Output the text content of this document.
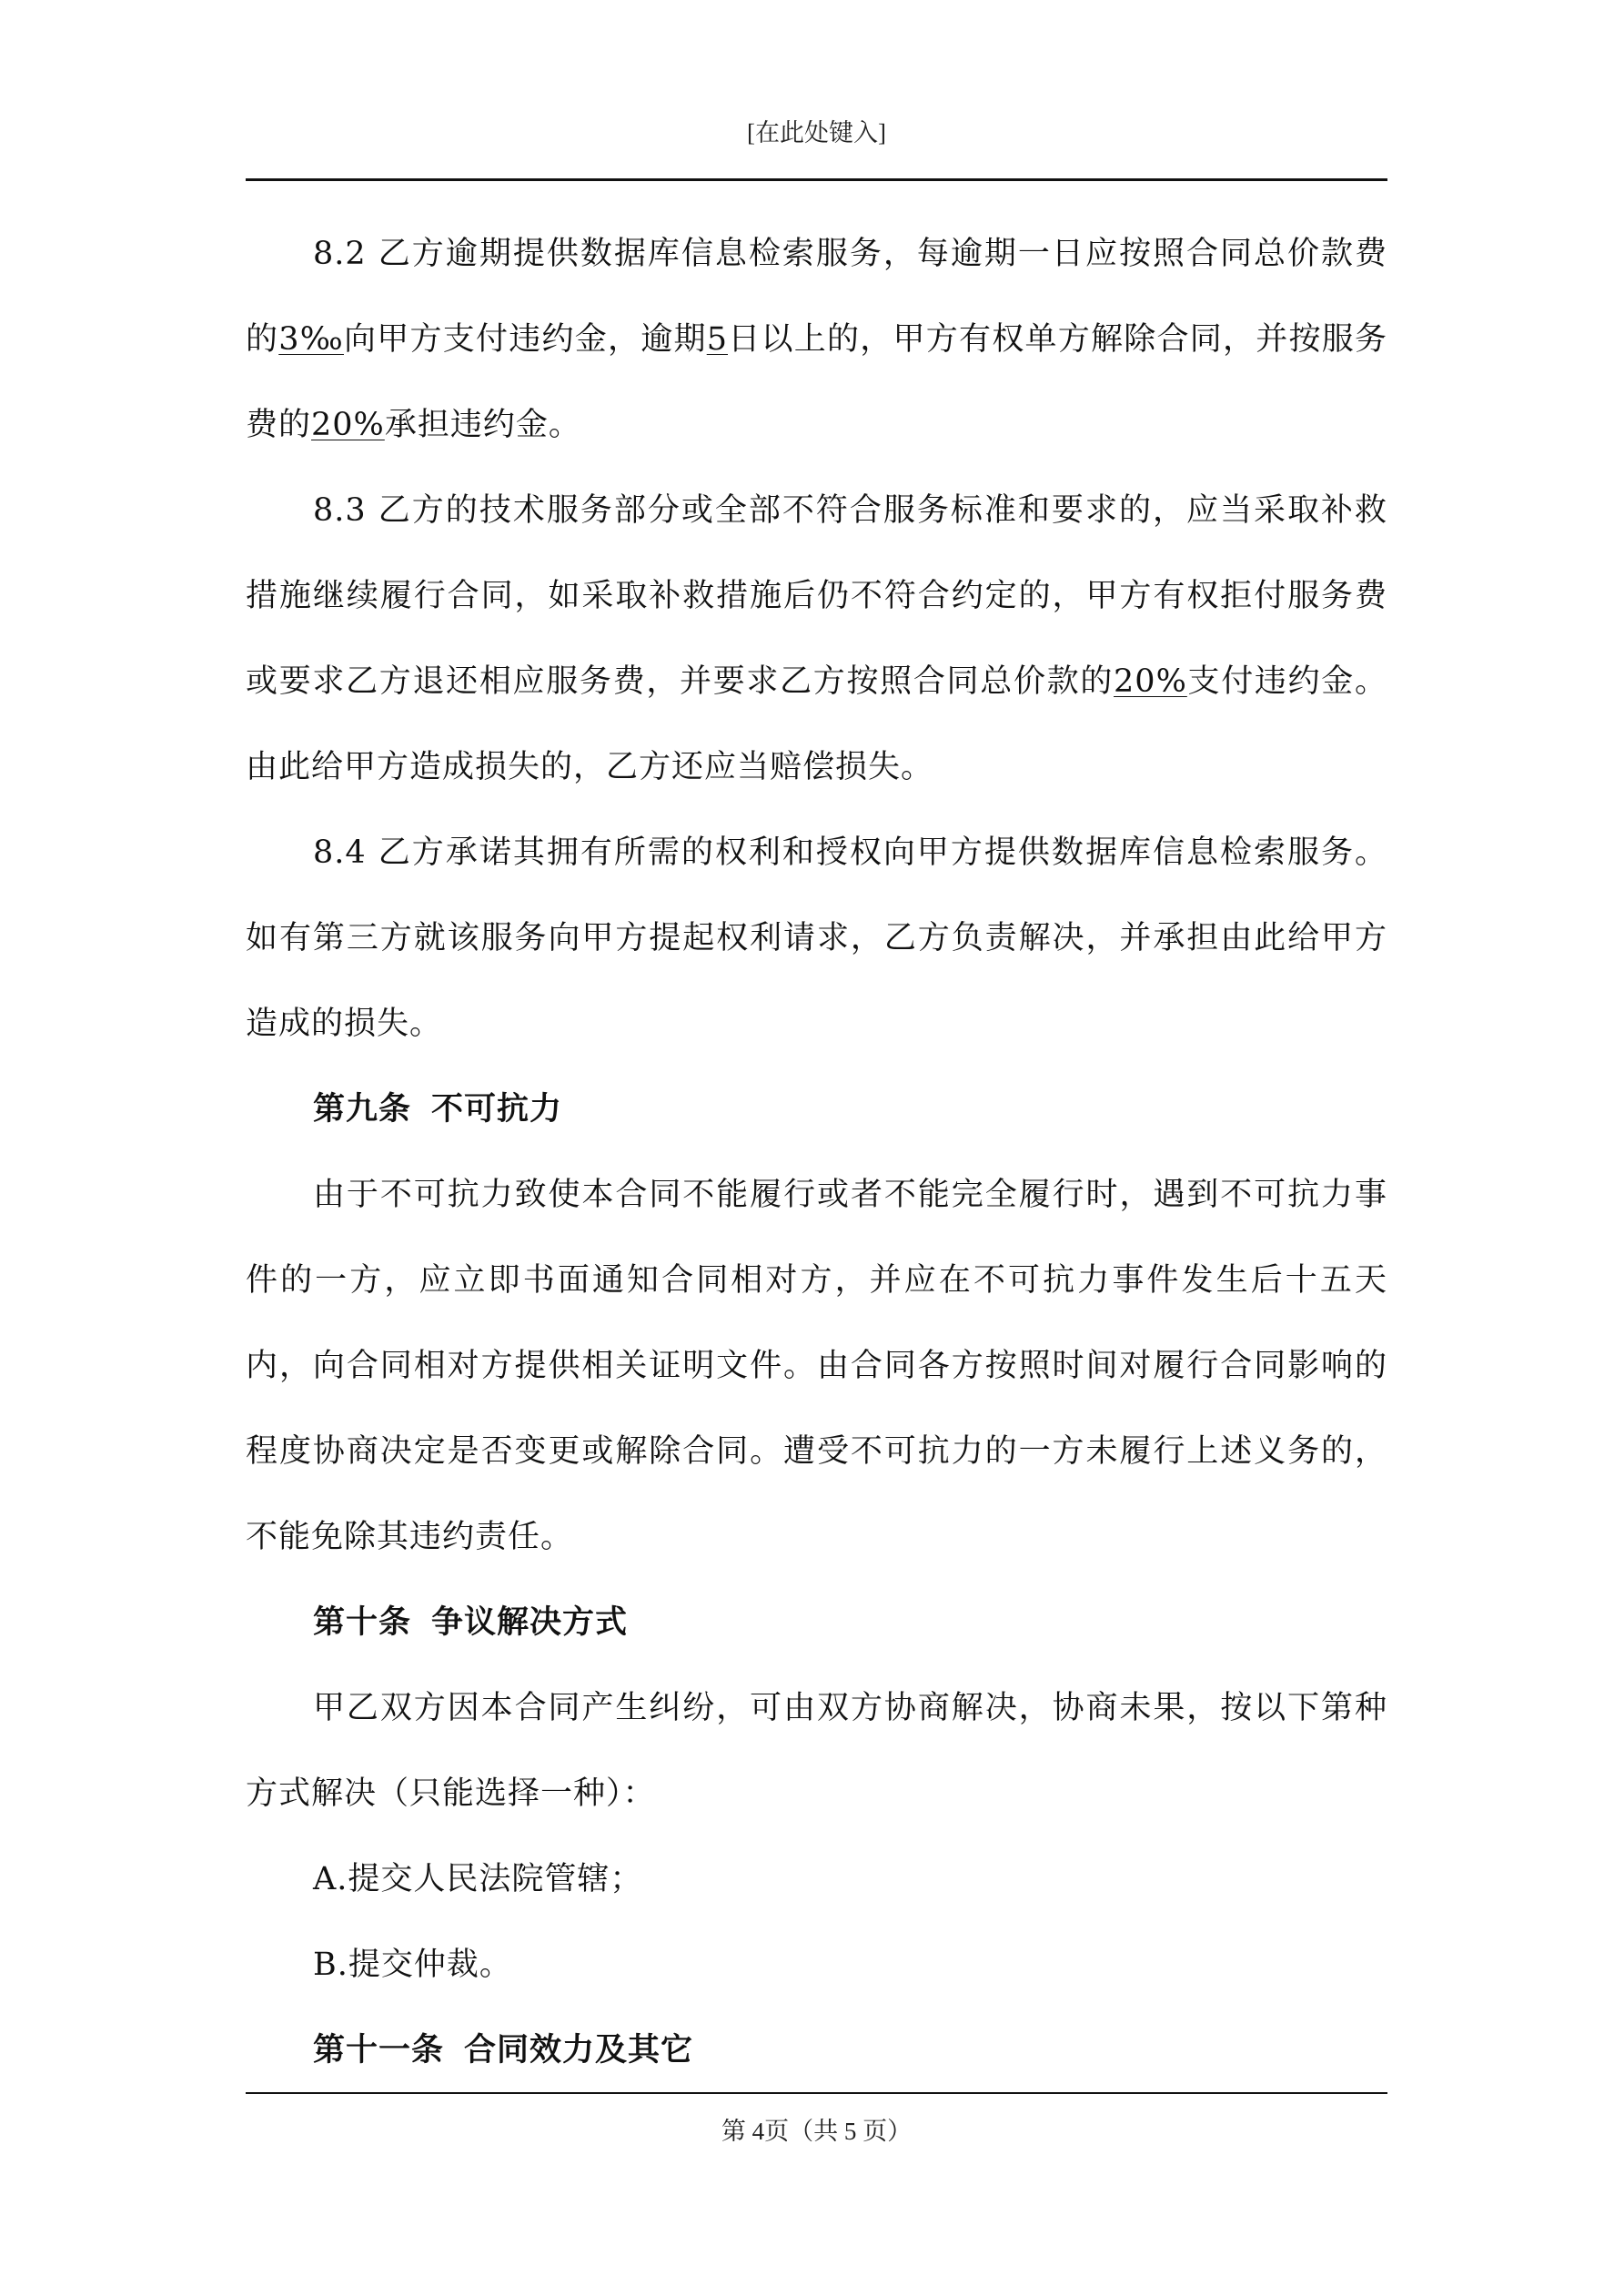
[在此处键入]

8.2 乙方逾期提供数据库信息检索服务，每逾期一日应按照合同总价款费的3‰向甲方支付违约金，逾期5日以上的，甲方有权单方解除合同，并按服务费的20%承担违约金。

8.3 乙方的技术服务部分或全部不符合服务标准和要求的，应当采取补救措施继续履行合同，如采取补救措施后仍不符合约定的，甲方有权拒付服务费或要求乙方退还相应服务费，并要求乙方按照合同总价款的20%支付违约金。由此给甲方造成损失的，乙方还应当赔偿损失。

8.4 乙方承诺其拥有所需的权利和授权向甲方提供数据库信息检索服务。如有第三方就该服务向甲方提起权利请求，乙方负责解决，并承担由此给甲方造成的损失。

第九条 不可抗力

由于不可抗力致使本合同不能履行或者不能完全履行时，遇到不可抗力事件的一方，应立即书面通知合同相对方，并应在不可抗力事件发生后十五天内，向合同相对方提供相关证明文件。由合同各方按照时间对履行合同影响的程度协商决定是否变更或解除合同。遭受不可抗力的一方未履行上述义务的，不能免除其违约责任。

第十条 争议解决方式

甲乙双方因本合同产生纠纷，可由双方协商解决，协商未果，按以下第种方式解决（只能选择一种）：

A.提交人民法院管辖；

B.提交仲裁。

第十一条 合同效力及其它

第 4页（共 5 页）
